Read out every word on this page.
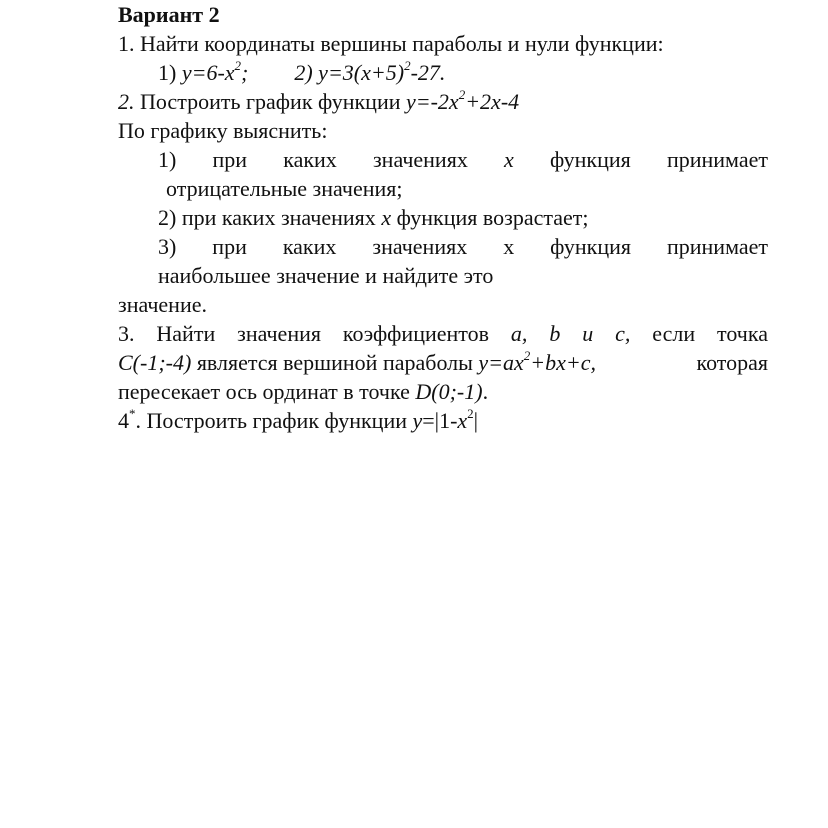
Вариант 2
1. Найти координаты вершины параболы и нули функции:
1) $y=6-x^2$; 2) $y=3(x+5)^2-27$.
2. Построить график функции $y=-2x^2+2x-4$
По графику выяснить:
1) при каких значениях x функция принимает
отрицательные значения;
2) при каких значениях x функция возрастает;
3) при каких значениях x функция принимает
наибольшее значение и найдите это
значение.
3. Найти значения коэффициентов a, b и c, если точка
C(-1;-4) является вершиной параболы $y=ax^2+bx+c$,	которая
пересекает ось ординат в точке D(0;-1).
4*. Построить график функции $y=|1-x^2|$
